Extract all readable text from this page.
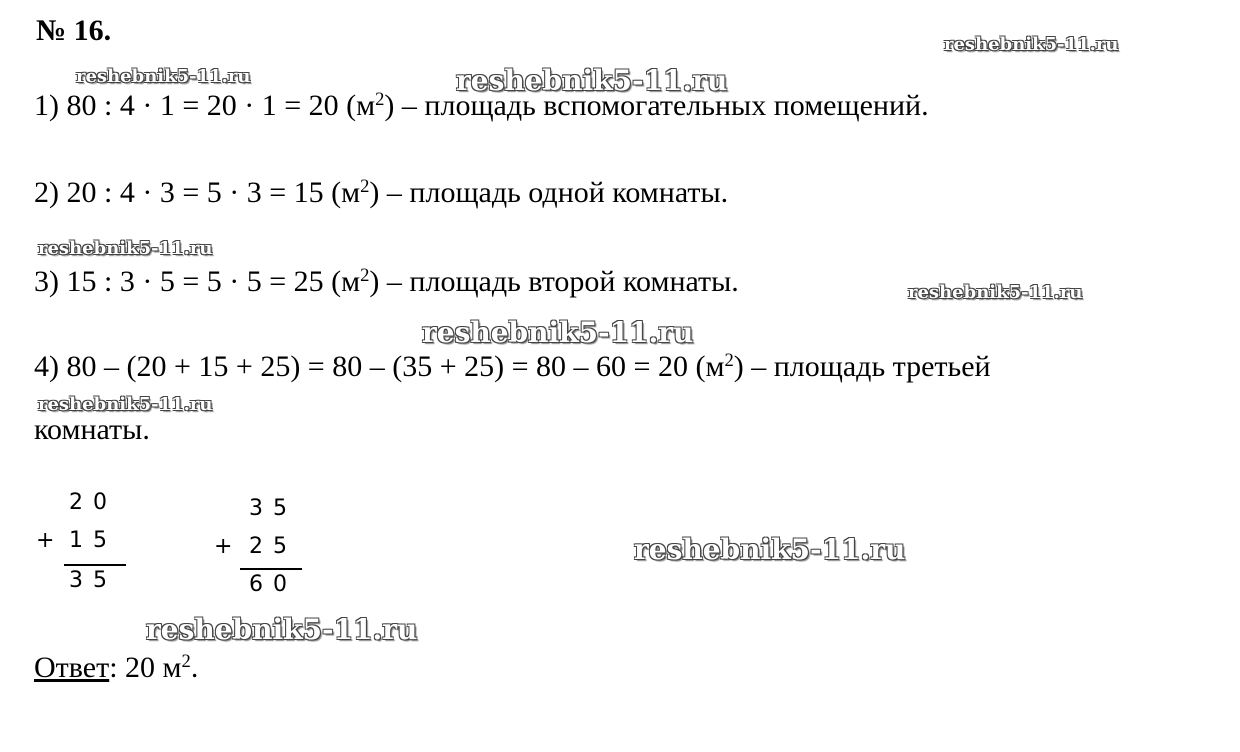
№ 16.	reshebnik5-11.ru
reshebnik5-11.ru	reshebnik5-11.ru
reshebnik5-11.ru
reshebnik5-11.ru
reshebnik5-11.ru
reshebnik5-11.ru
reshebnik5-11.ru
reshebnik5-11.ru
1) 80 : 4 · 1 = 20 · 1 = 20 $(м^2)$ – площадь вспомогательных помещений.
2) 20 : 4 · 3 = 5 · 3 = 15 $(м^2)$ – площадь одной комнаты.
3) 15 : 3 · 5 = 5 · 5 = 25 $(м^2)$ – площадь второй комнаты.
4) 80 – (20 + 15 + 25) = 80 – (35 + 25) = 80 – 60 = 20 $(м^2)$ – площадь третьей
комнаты.
2 0
+ 1 5
3 5
3 5
+ 2 5
6 0
Ответ: 20 $м^2$.
